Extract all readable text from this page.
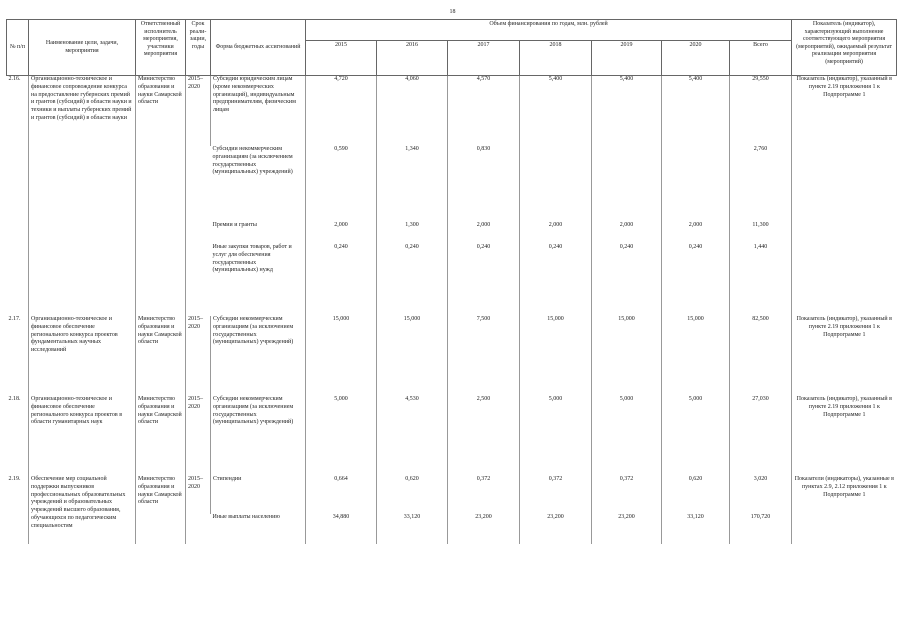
18
№ п/п	Наименование цели, задачи, мероприятия	Ответственный исполнитель мероприятия, участники мероприятия	Срок реали-зации, годы	Форма бюджетных ассигнований	Объем финансирования по годам, млн. рублей							Показатель (индикатор), характеризующий выполнение соответствующего мероприятия (мероприятий), ожидаемый результат реализации мероприятия (мероприятий)
					2015	2016	2017	2018	2019	2020	Всего	
2.16.	Организационно-техническое и финансовое сопровождение конкурса на предоставление губернских премий и грантов (субсидий) в области науки и техники и выплаты губернских премий и грантов (субсидий) в области науки	Министерство образования и науки Самарской области	2015–2020	Субсидии юридическим лицам (кроме некоммерческих организаций), индивидуальным предпринимателям, физическим лицам	4,720	4,060	4,570	5,400	5,400	5,400	29,550	Показатель (индикатор), указанный в пункте 2.19 приложения 1 к Подпрограмме 1
				Субсидии некоммерческим организациям (за исключением государственных (муниципальных) учреждений)	0,590	1,340	0,830				2,760	
				Премии и гранты	2,000	1,300	2,000	2,000	2,000	2,000	11,300	
				Иные закупки товаров, работ и услуг для обеспечения государственных (муниципальных) нужд	0,240	0,240	0,240	0,240	0,240	0,240	1,440	
2.17.	Организационно-техническое и финансовое обеспечение регионального конкурса проектов фундаментальных научных исследований	Министерство образования и науки Самарской области	2015–2020	Субсидии некоммерческим организациям (за исключением государственных (муниципальных) учреждений)	15,000	15,000	7,500	15,000	15,000	15,000	82,500	Показатель (индикатор), указанный в пункте 2.19 приложения 1 к Подпрограмме 1
2.18.	Организационно-техническое и финансовое обеспечение регионального конкурса проектов в области гуманитарных наук	Министерство образования и науки Самарской области	2015–2020	Субсидии некоммерческим организациям (за исключением государственных (муниципальных) учреждений)	5,000	4,530	2,500	5,000	5,000	5,000	27,030	Показатель (индикатор), указанный в пункте 2.19 приложения 1 к Подпрограмме 1
2.19.	Обеспечение мер социальной поддержки выпускников профессиональных образовательных учреждений и образовательных учреждений высшего образования, обучающихся по педагогическим специальностям	Министерство образования и науки Самарской области	2015–2020	Стипендии	0,664	0,620	0,372	0,372	0,372	0,620	3,020	Показатели (индикаторы), указанные в пунктах 2.9, 2.12 приложения 1 к Подпрограмме 1
				Иные выплаты населению	34,880	33,120	23,200	23,200	23,200	33,120	170,720	
